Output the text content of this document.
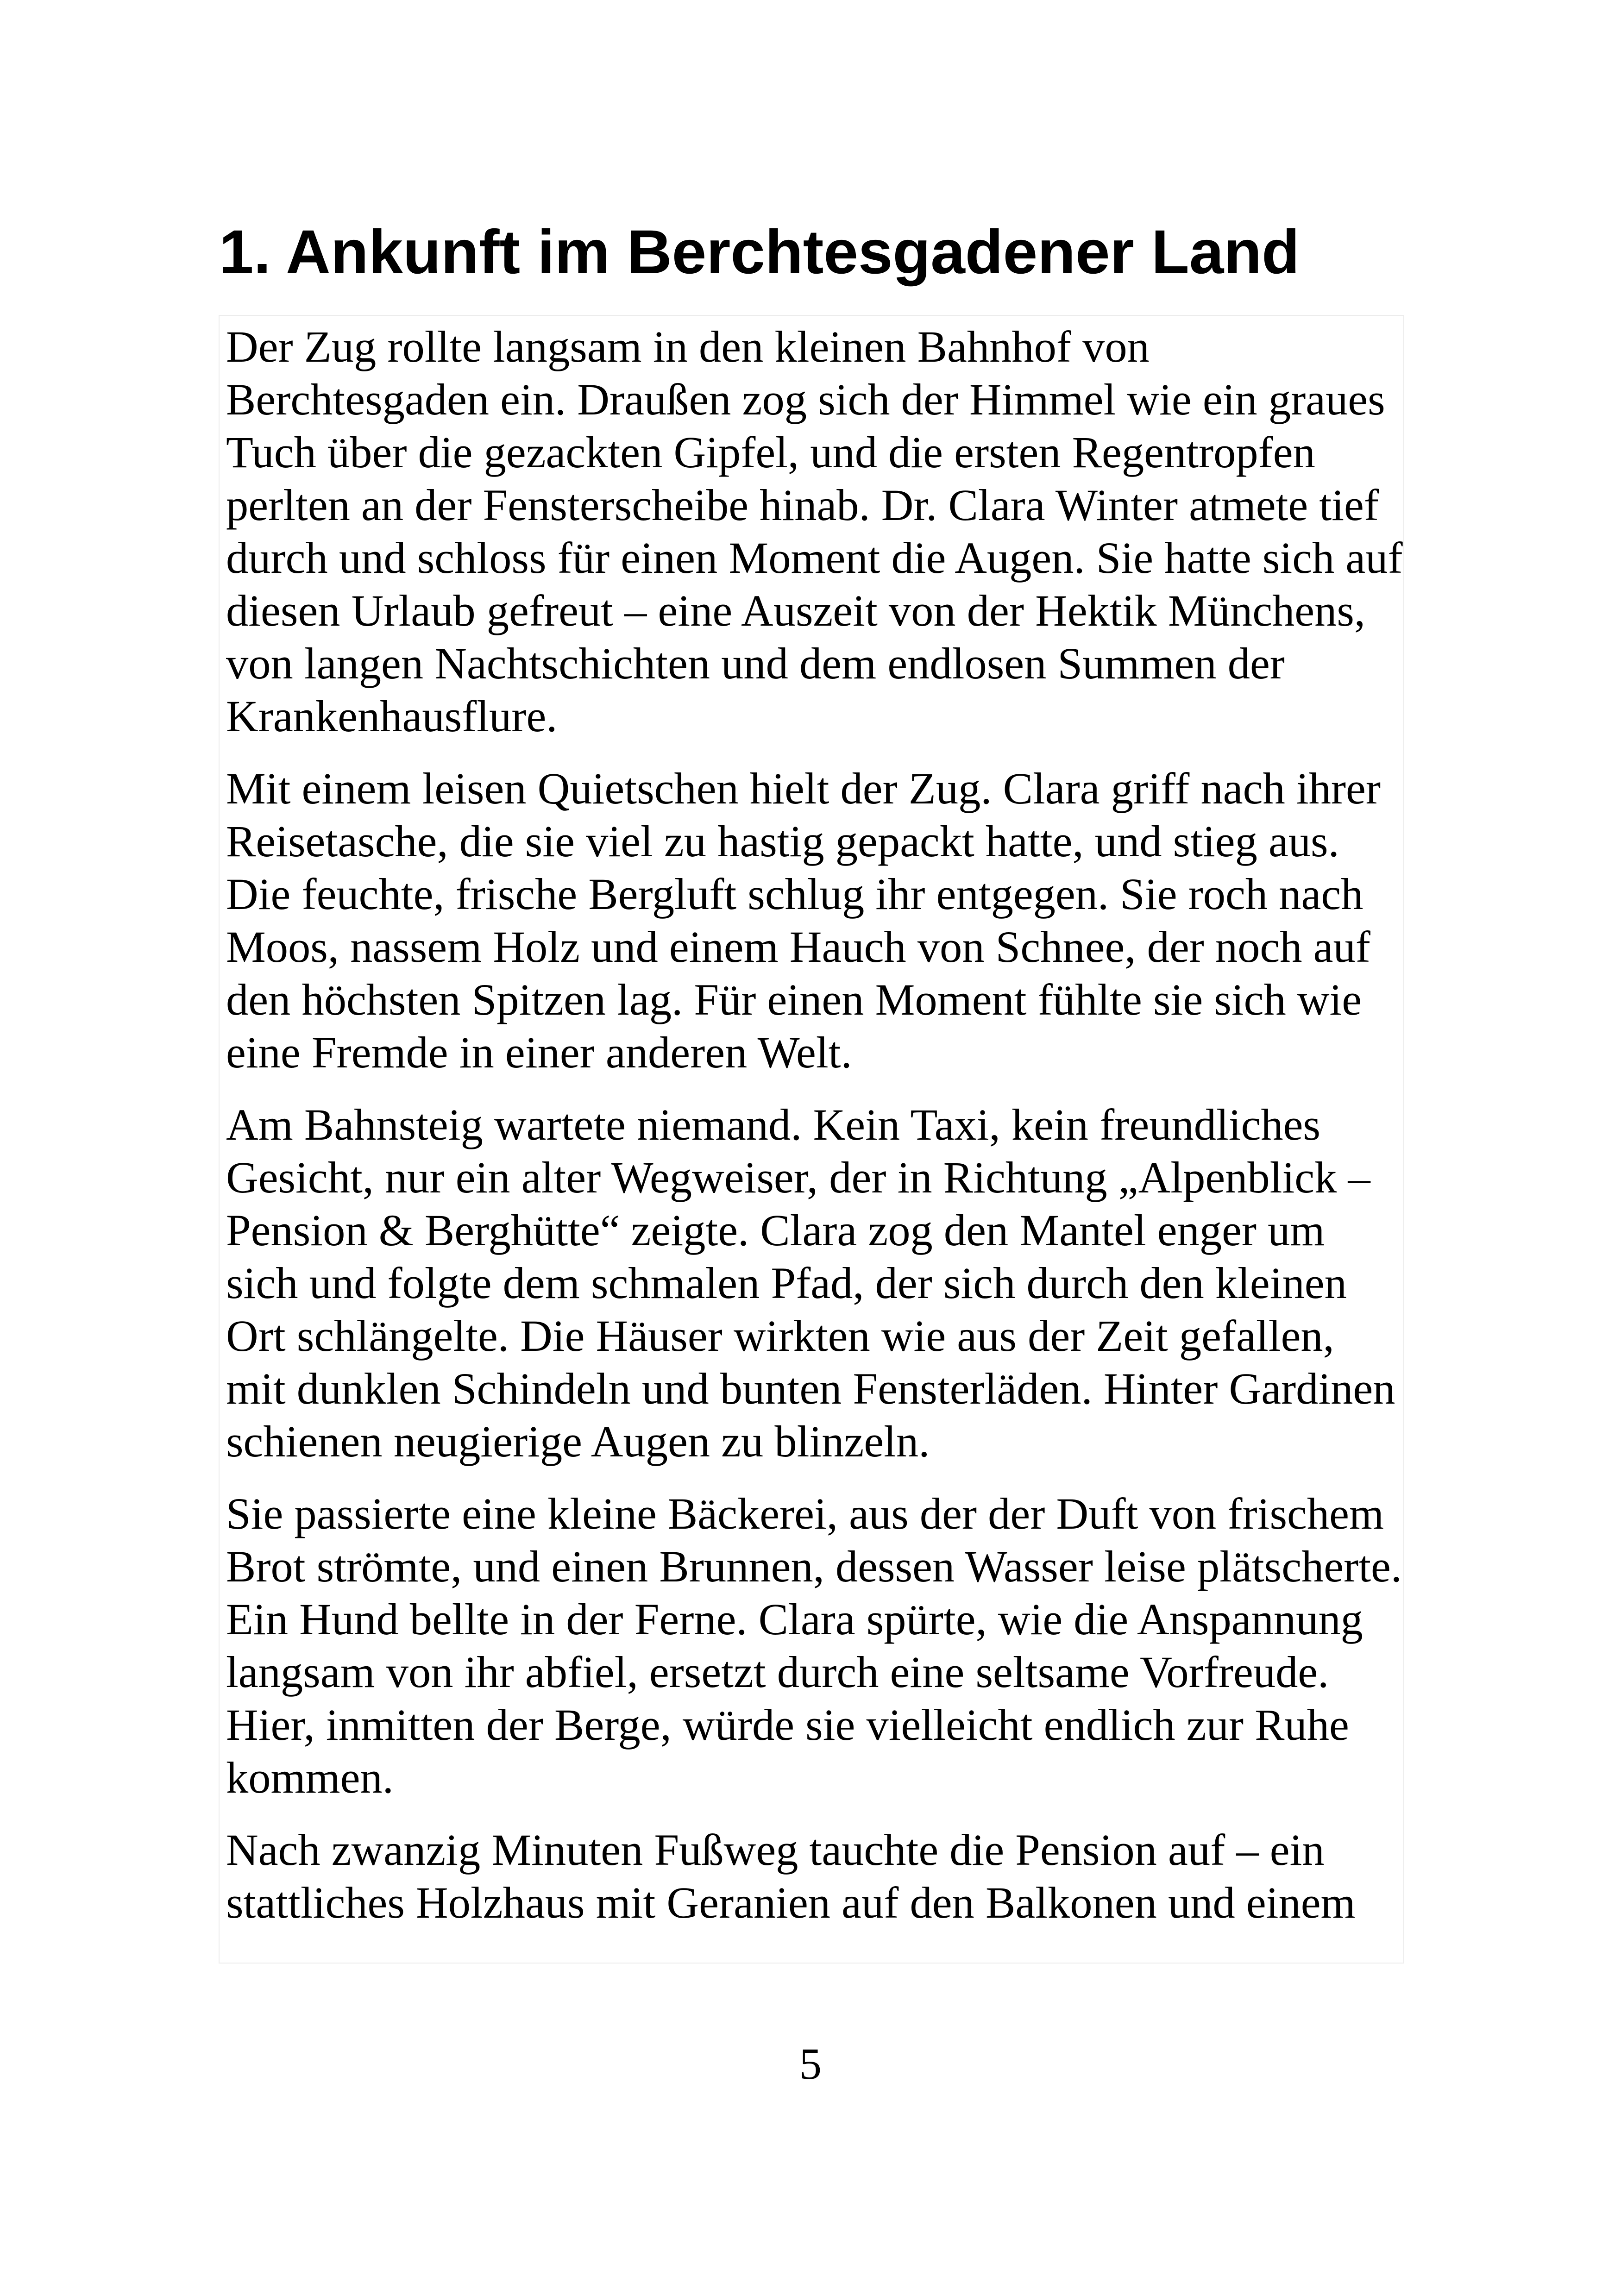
1. Ankunft im Berchtesgadener Land

Der Zug rollte langsam in den kleinen Bahnhof von Berchtesgaden ein. Draußen zog sich der Himmel wie ein graues Tuch über die gezackten Gipfel, und die ersten Regentropfen perlten an der Fensterscheibe hinab. Dr. Clara Winter atmete tief durch und schloss für einen Moment die Augen. Sie hatte sich auf diesen Urlaub gefreut – eine Auszeit von der Hektik Münchens, von langen Nachtschichten und dem endlosen Summen der Krankenhausflure.

Mit einem leisen Quietschen hielt der Zug. Clara griff nach ihrer Reisetasche, die sie viel zu hastig gepackt hatte, und stieg aus. Die feuchte, frische Bergluft schlug ihr entgegen. Sie roch nach Moos, nassem Holz und einem Hauch von Schnee, der noch auf den höchsten Spitzen lag. Für einen Moment fühlte sie sich wie eine Fremde in einer anderen Welt.

Am Bahnsteig wartete niemand. Kein Taxi, kein freundliches Gesicht, nur ein alter Wegweiser, der in Richtung „Alpenblick – Pension & Berghütte“ zeigte. Clara zog den Mantel enger um sich und folgte dem schmalen Pfad, der sich durch den kleinen Ort schlängelte. Die Häuser wirkten wie aus der Zeit gefallen, mit dunklen Schindeln und bunten Fensterläden. Hinter Gardinen schienen neugierige Augen zu blinzeln.

Sie passierte eine kleine Bäckerei, aus der der Duft von frischem Brot strömte, und einen Brunnen, dessen Wasser leise plätscherte. Ein Hund bellte in der Ferne. Clara spürte, wie die Anspannung langsam von ihr abfiel, ersetzt durch eine seltsame Vorfreude. Hier, inmitten der Berge, würde sie vielleicht endlich zur Ruhe kommen.

Nach zwanzig Minuten Fußweg tauchte die Pension auf – ein stattliches Holzhaus mit Geranien auf den Balkonen und einem

5
